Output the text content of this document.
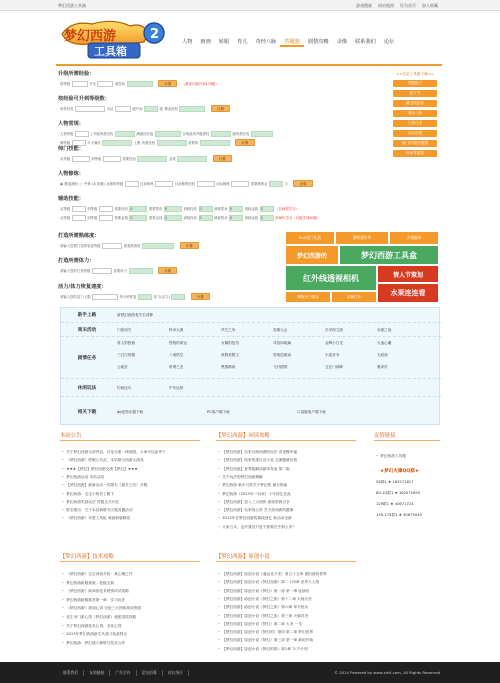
梦幻西游工具箱	游戏搜索 网站地图 设为首页 加入收藏
梦幻西游	2
工具箱
人物	画画	转服	育儿	奇经八脉	答题器	剧情攻略	录像	联系我们	论坛
升级所需经验：
现等级	升至	需经验	计算	（最高只能升到175级）
按经验可升到等级数：
现有经验	可从	级升到	级 剩余经验	计算
人物常规：
人物等级	[ 升级所需经验	满级经验值	召唤兽须升级需经	级所需经验
满等级	月卡满经	上限 所需经验	需要的	计算
师门技能：
从等级	到等级	需要经验	金钱	计算
人物修炼：
◉ 勤加满经 ○ 中修 (未加满) 从修炼等级	目前修炼	目前修炼经验	目标修炼	需要修炼金	万	计算
辅助技能：
从等级	到等级	需要经验 0	需要帮贡 0	消耗经验 0	消耗帮贡 0	消耗金钱 0	（名师需学习）
从等级	到等级	需要金钱 0	需要金钱 0	消耗经验 0	消耗帮贡 0	消耗金钱 0	用NPC学习（只能学到40级）
打造所需熟练度：
请输入您要打造的装备等级	需要熟练度	计算
打造所需体力：
请输入您的打造等级	需要体力	计算
活力/体力恢复速度：
请输入您的活力上限	每分钟恢复	体力(活力)	计算
>>实用工具箱下载<<
答题配方
配方书
藏宝图坐标
奇经八脉
门派任务
自动答题
师门/历练答题器
科举答题器
5v5西门比武	暑期嘉年华	火锅副本
梦幻西游的	梦幻西游工具盒
红外线透视相机	情人节策划
水果连连看
购物开门情况	剑神打开
新手上路	新梦幻西游有关名词释
周末活动	门派闯关	科举大赛	华芝之争	英雄大会	长安保卫战	赤壁之战
剧情任务
青人的愁恼	怪物的命运	女娲的复仇	寻找四琉璃	金蝉小白龙	大战心魔
三打白骨精	八戒悟空	真假美猴王	智取芭蕉扇	小雷音寺	无底洞
云地宫	纸鸢之恋	黑熊精扬	飞升剧情	五庄门神降	墨家村
休闲玩法	钓鱼技巧	牛年运势
相关下载	qq宠物乐器下载	PC客户端下载	口袋版客户端下载
本站公告
• 关于梦幻西游全部内容，讨论全系一律改版，大家可以参考下
• 《梦幻西游》停服公告页，本站联合西游大游戏
• ★★★【梦幻】梦幻西游交流【梦幻】★★★
• 梦幻西游活动 本站活动
• 【梦幻西游】最新活动一次限名《最长公告》开服
• 梦幻西游：宝宝小知识了解下
• 梦幻西游奖励玩法 答题正式开放
• 联名推出：关于本站新增专区服务器活动
• 《梦幻西游》年度工具组 诚意新版修改
【梦幻西游】闲谈攻略
• 【梦幻西游】玩家自研西游的玩法 讲述蝶幸福
• 【梦幻西游】给家的建议及小品 交流题就好看
• 【梦幻西游】世界级解读副本发表 第二版
• 关于玩法的梦幻西游理解
• 梦幻西游 新手日常关于梦幻的 最全指南
• 梦幻西游（2013年一玩家）十年回忆在此
• 【梦幻西游】加入三大团体 游戏资源分享
• 【梦幻西游】玩家的心得 关于游戏新的趣事
• 2013年在梦幻西游的那段回忆 新活动全新
• 大家五年，也许我们只是不需要在乎那么多？
友情链接
• 梦幻西游工具箱
★梦幻火爆QQ群★
58群1 ★ 162571617
89-1Q群1 ★ 162571693
129群1 ★ 40671724
159-175群1 ★ 40675049
【梦幻西游】技术攻略
• 《梦幻西游》宝宝神兽介绍：真心赚之作
• 梦幻西游新服系统 - 技能宝典
• 《梦幻西游》新神兽技术特别试试攻略
• 梦幻西游新服推荐第一章：学习玩法
• 《梦幻西游》游戏心得 讨论三大团体游戏资源
• 化生寺门派心得（梦幻西游）流派进攻攻略
• 关于梦幻西游技术心得、全家心得
• 2013年梦幻西游新生代战斗装备特点
• 梦幻西游：梦幻战斗修炼与技术合作
【梦幻西游】原创小说
• 【梦幻西游】原创小说《遥远北方来》第五十五章 虚拟游戏世界
• 【梦幻西游】原创小说《梦幻西游》第二十四章 世界大人物
• 【梦幻西游】原创小说《梦幻》第一部 第一章 连续有
• 【梦幻西游】原创小说《梦幻之旅》第十二章 大闹天宫
• 【梦幻西游】原创小说《梦幻之旅》第六章 草木皆兵
• 【梦幻西游】原创小说《梦幻之旅》第三章 天朝对决
• 【梦幻西游】原创小说《梦幻》第二章 大龙 一龙
• 【梦幻西游】原创小说《梦幻的》第四 第二章 梦幻世界
• 【梦幻西游】原创小说《梦幻》第三部 第一章 新的开始
• 【梦幻西游】原创小说《梦幻的旅》第1章 '3-7'计划
联系我们	友情链接	广告合作	论坛招募	站长统计	© 2014 Powered by www.xiriii.com, All Rights Reserved
